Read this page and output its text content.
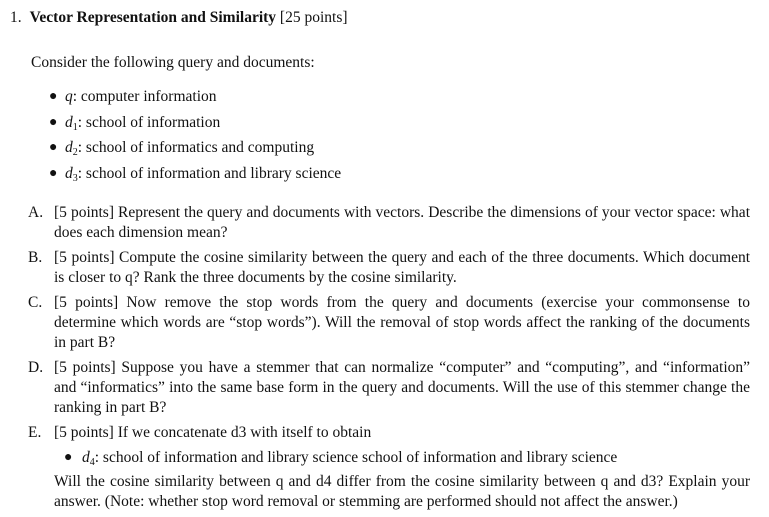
1. Vector Representation and Similarity [25 points]
Consider the following query and documents:
● q: computer information
● $d_1$: school of information
● $d_2$: school of informatics and computing
● $d_3$: school of information and library science
A. [5 points] Represent the query and documents with vectors. Describe the dimensions of your vector space: what does each dimension mean?
B. [5 points] Compute the cosine similarity between the query and each of the three documents. Which document is closer to q? Rank the three documents by the cosine similarity.
C. [5 points] Now remove the stop words from the query and documents (exercise your commonsense to determine which words are “stop words”). Will the removal of stop words affect the ranking of the documents in part B?
D. [5 points] Suppose you have a stemmer that can normalize “computer” and “computing”, and “information” and “informatics” into the same base form in the query and documents. Will the use of this stemmer change the ranking in part B?
E. [5 points] If we concatenate d3 with itself to obtain
● $d_4$: school of information and library science school of information and library science
Will the cosine similarity between q and d4 differ from the cosine similarity between q and d3? Explain your answer. (Note: whether stop word removal or stemming are performed should not affect the answer.)
